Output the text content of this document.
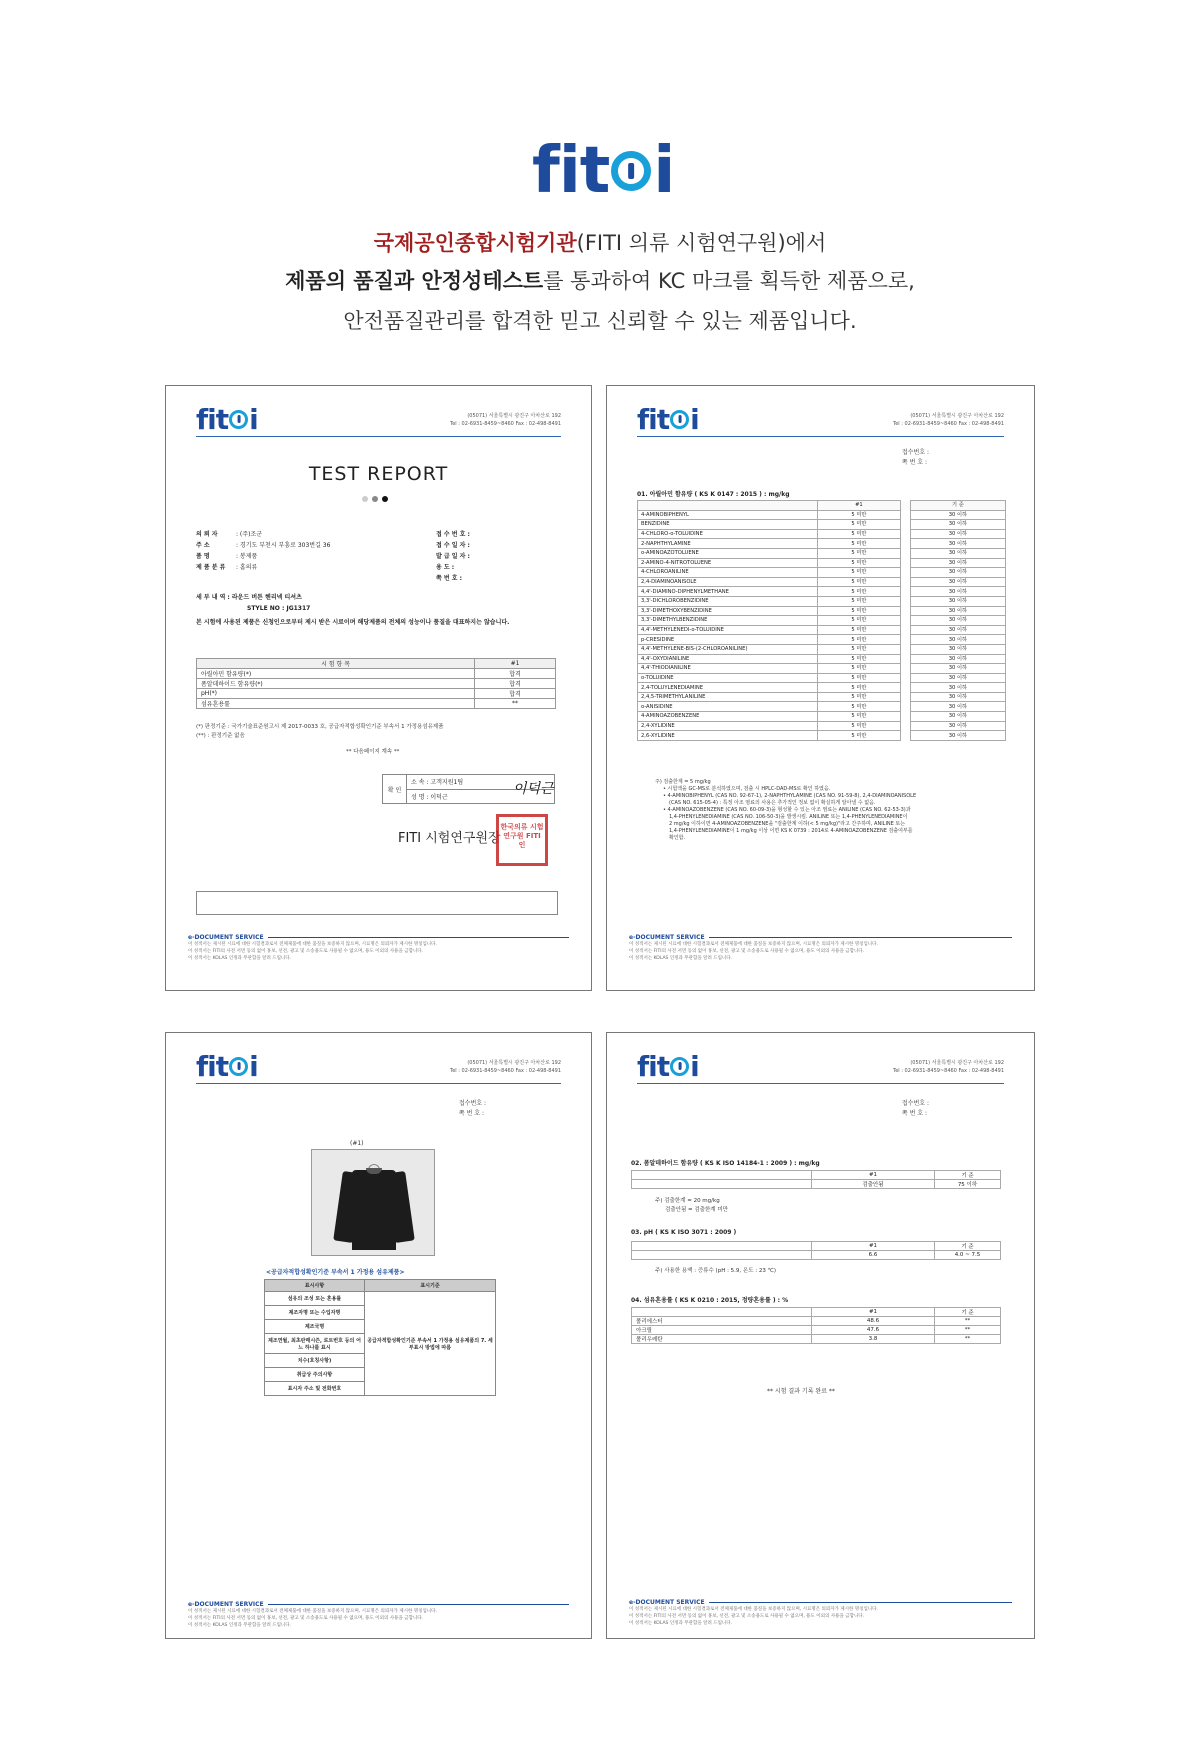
fi t i
국제공인종합시험기관(FITI 의류 시험연구원)에서
제품의 품질과 안정성테스트를 통과하여 KC 마크를 획득한 제품으로,
안전품질관리를 합격한 믿고 신뢰할 수 있는 제품입니다.
fi t i	(05071) 서울특별시 광진구 아차산로 192
Tel : 02-6931-8459~8460 Fax : 02-498-8491
TEST REPORT
의 뢰 자	: (주)조군
주 소	: 경기도 부천시 부흥로 303번길 36
품 명	: 봉제품
제 품 분 류	: 홈의류
접 수 번 호 :
접 수 일 자 :
발 급 일 자 :
용 도 :
쪽 번 호 :
세 부 내 역 : 라운드 버튼 헨리넥 티셔츠
STYLE NO : JG1317
본 시험에 사용된 제품은 신청인으로부터 제시 받은 시료이며 해당제품의 전체의 성능이나 품질을 대표하지는 않습니다.
시 험 항 목	#1
아릴아민 함유량(*)	합격
폼알데하이드 함유량(*)	합격
pH(*)	합격
섬유혼용률	**
(*) 판정기준 : 국가기술표준원고시 제 2017-0033 호, 공급자적합성확인기준 부속서 1 가정용섬유제품
(**) : 판정기준 없음
** 다음페이지 계속 **
확 인
소 속 : 고객지원1팀
성 명 : 이덕근
이덕근
FITI 시험연구원장
한국의류 시험연구원 FITI 인
e-DOCUMENT SERVICE
이 성적서는 제시된 시료에 대한 시험결과로서 전체제품에 대한 품질을 보증하지 않으며, 시료명은 의뢰자가 제시한 명칭입니다.
이 성적서는 FITI의 사전 서면 동의 없이 홍보, 선전, 광고 및 소송용도로 사용될 수 없으며, 용도 이외의 사용을 금합니다.
이 성적서는 KOLAS 인정과 무관함을 알려 드립니다.
fi t i	(05071) 서울특별시 광진구 아차산로 192
Tel : 02-6931-8459~8460 Fax : 02-498-8491
접수번호 :
쪽 번 호 :
01. 아릴아민 함유량 ( KS K 0147 : 2015 ) : mg/kg
	#1		기 준
4-AMINOBIPHENYL	5 미만		30 이하
BENZIDINE	5 미만		30 이하
4-CHLORO-o-TOLUIDINE	5 미만		30 이하
2-NAPHTHYLAMINE	5 미만		30 이하
o-AMINOAZOTOLUENE	5 미만		30 이하
2-AMINO-4-NITROTOLUENE	5 미만		30 이하
4-CHLOROANILINE	5 미만		30 이하
2,4-DIAMINOANISOLE	5 미만		30 이하
4,4'-DIAMINO-DIPHENYLMETHANE	5 미만		30 이하
3,3'-DICHLOROBENZIDINE	5 미만		30 이하
3,3'-DIMETHOXYBENZIDINE	5 미만		30 이하
3,3'-DIMETHYLBENZIDINE	5 미만		30 이하
4,4'-METHYLENEDI-o-TOLUIDINE	5 미만		30 이하
p-CRESIDINE	5 미만		30 이하
4,4'-METHYLENE-BIS-(2-CHLOROANILINE)	5 미만		30 이하
4,4'-OXYDIANILINE	5 미만		30 이하
4,4'-THIODIANILINE	5 미만		30 이하
o-TOLUIDINE	5 미만		30 이하
2,4-TOLUYLENEDIAMINE	5 미만		30 이하
2,4,5-TRIMETHYLANILINE	5 미만		30 이하
o-ANISIDINE	5 미만		30 이하
4-AMINOAZOBENZENE	5 미만		30 이하
2,4-XYLIDINE	5 미만		30 이하
2,6-XYLIDINE	5 미만		30 이하
주) 검출한계 = 5 mg/kg
• 시험액을 GC-MS로 분석하였으며, 검출 시 HPLC-DAD-MS로 확인 하였음.
• 4-AMINOBIPHENYL (CAS NO. 92-67-1), 2-NAPHTHYLAMINE (CAS NO. 91-59-8), 2,4-DIAMINOANISOLE
(CAS NO. 615-05-4) : 특정 아조 염료의 사용은 추가적인 정보 없이 확실하게 알아낼 수 없음.
• 4-AMINOAZOBENZENE (CAS NO. 60-09-3)을 형성할 수 있는 아조 염료는 ANILINE (CAS NO. 62-53-3)과
1,4-PHENYLENEDIAMINE (CAS NO. 106-50-3)을 발생시킴. ANILINE 또는 1,4-PHENYLENEDIAMINE이
2 mg/kg 이하이면 4-AMINOAZOBENZENE을 "검출한계 이하(< 5 mg/kg)"라고 간주하며, ANILINE 또는
1,4-PHENYLENEDIAMINE이 1 mg/kg 이상 이면 KS K 0739 : 2014로 4-AMINOAZOBENZENE 검출여부를
확인함.
e-DOCUMENT SERVICE
이 성적서는 제시된 시료에 대한 시험결과로서 전체제품에 대한 품질을 보증하지 않으며, 시료명은 의뢰자가 제시한 명칭입니다.
이 성적서는 FITI의 사전 서면 동의 없이 홍보, 선전, 광고 및 소송용도로 사용될 수 없으며, 용도 이외의 사용을 금합니다.
이 성적서는 KOLAS 인정과 무관함을 알려 드립니다.
fi t i	(05071) 서울특별시 광진구 아차산로 192
Tel : 02-6931-8459~8460 Fax : 02-498-8491
접수번호 :
쪽 번 호 :
(#1)
<공급자적합성확인기준 부속서 1 가정용 섬유제품>
표시사항	표시기준
섬유의 조성 또는 혼용률	공급자적합성확인기준 부속서 1 가정용 섬유제품의 7. 세부표시 방법에 따름
제조자명 또는 수입자명	
제조국명	
제조연월, 최초판매시즌, 로트번호 등의 어느 하나를 표시	
치수(호칭사항)	
취급상 주의사항	
표시자 주소 및 전화번호	
e-DOCUMENT SERVICE
이 성적서는 제시된 시료에 대한 시험결과로서 전체제품에 대한 품질을 보증하지 않으며, 시료명은 의뢰자가 제시한 명칭입니다.
이 성적서는 FITI의 사전 서면 동의 없이 홍보, 선전, 광고 및 소송용도로 사용될 수 없으며, 용도 이외의 사용을 금합니다.
이 성적서는 KOLAS 인정과 무관함을 알려 드립니다.
fi t i	(05071) 서울특별시 광진구 아차산로 192
Tel : 02-6931-8459~8460 Fax : 02-498-8491
접수번호 :
쪽 번 호 :
02. 폼알데하이드 함유량 ( KS K ISO 14184-1 : 2009 ) : mg/kg
	#1	기 준
	검출안됨	75 이하
주) 검출한계 = 20 mg/kg
검출안됨 = 검출한계 미만
03. pH ( KS K ISO 3071 : 2009 )
	#1	기 준
	6.6	4.0 ~ 7.5
주) 사용한 용액 : 증류수 (pH : 5.9, 온도 : 23 ℃)
04. 섬유혼용률 ( KS K 0210 : 2015, 정량혼용률 ) : %
	#1	기 준
폴리에스터	48.6	**
아크릴	47.6	**
폴리우레탄	3.8	**
** 시험 결과 기록 완료 **
e-DOCUMENT SERVICE
이 성적서는 제시된 시료에 대한 시험결과로서 전체제품에 대한 품질을 보증하지 않으며, 시료명은 의뢰자가 제시한 명칭입니다.
이 성적서는 FITI의 사전 서면 동의 없이 홍보, 선전, 광고 및 소송용도로 사용될 수 없으며, 용도 이외의 사용을 금합니다.
이 성적서는 KOLAS 인정과 무관함을 알려 드립니다.
